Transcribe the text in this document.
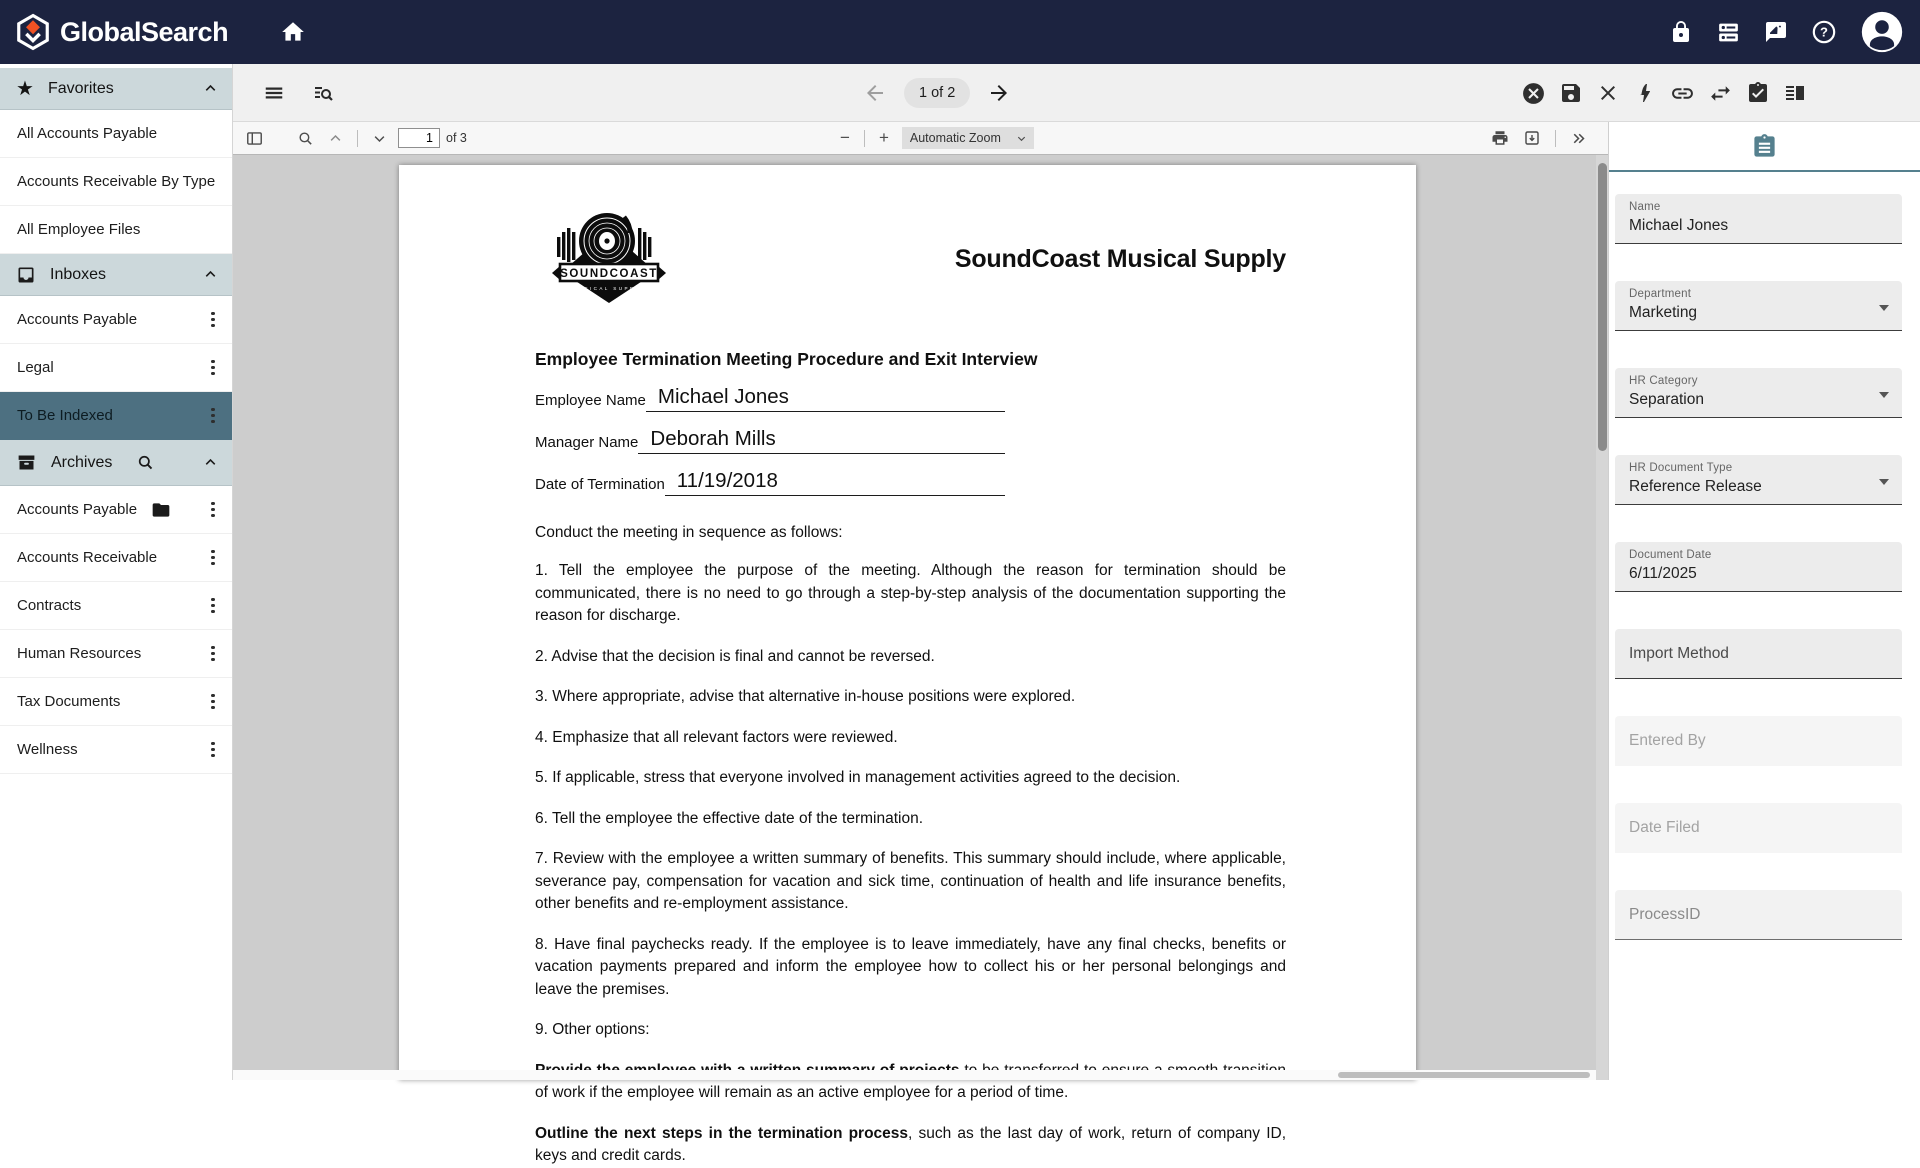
GlobalSearch	?
★ Favorites
All Accounts Payable
Accounts Receivable By Type
All Employee Files
Inboxes
Accounts Payable
Legal
To Be Indexed
Archives
Accounts Payable
Accounts Receivable
Contracts
Human Resources
Tax Documents
Wellness
1 of 2
1
of 3	− + Automatic Zoom
SOUNDCOAST
MUSICAL SUPPLY
SoundCoast Musical Supply
Employee Termination Meeting Procedure and Exit Interview
Employee Name Michael Jones
Manager Name Deborah Mills
Date of Termination 11/19/2018
Conduct the meeting in sequence as follows:
1. Tell the employee the purpose of the meeting. Although the reason for termination should be communicated, there is no need to go through a step-by-step analysis of the documentation supporting the reason for discharge.
2. Advise that the decision is final and cannot be reversed.
3. Where appropriate, advise that alternative in-house positions were explored.
4. Emphasize that all relevant factors were reviewed.
5. If applicable, stress that everyone involved in management activities agreed to the decision.
6. Tell the employee the effective date of the termination.
7. Review with the employee a written summary of benefits. This summary should include, where applicable, severance pay, compensation for vacation and sick time, continuation of health and life insurance benefits, other benefits and re-employment assistance.
8. Have final paychecks ready. If the employee is to leave immediately, have any final checks, benefits or vacation payments prepared and inform the employee how to collect his or her personal belongings and leave the premises.
9. Other options:
of work if the employee will remain as an active employee for a period of time.
Outline the next steps in the termination process, such as the last day of work, return of company ID, keys and credit cards.
Name
Michael Jones
Department
Marketing
HR Category
Separation
HR Document Type
Reference Release
Document Date
6/11/2025
Import Method
Entered By
Date Filed
ProcessID
